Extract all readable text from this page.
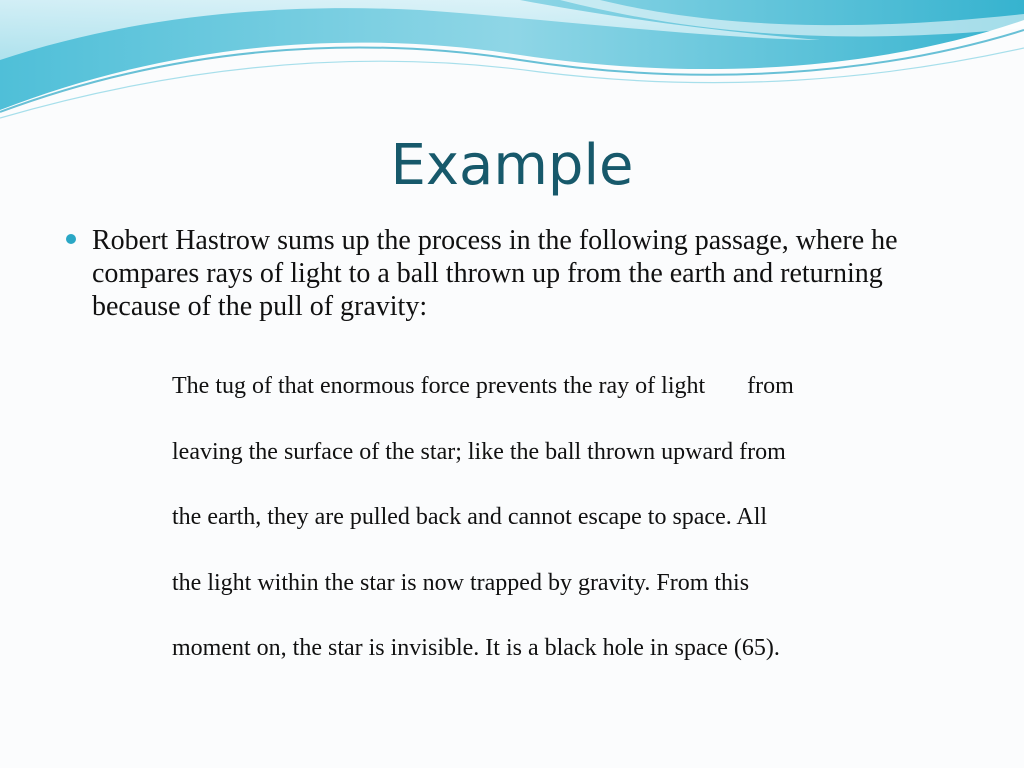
Example

Robert Hastrow sums up the process in the following passage, where he compares rays of light to a ball thrown up from the earth and returning because of the pull of gravity:

The tug of that enormous force prevents the ray of light       from
leaving the surface of the star; like the ball thrown upward from
the earth, they are pulled back and cannot escape to space. All
the light within the star is now trapped by gravity. From this
moment on, the star is invisible. It is a black hole in space (65).
